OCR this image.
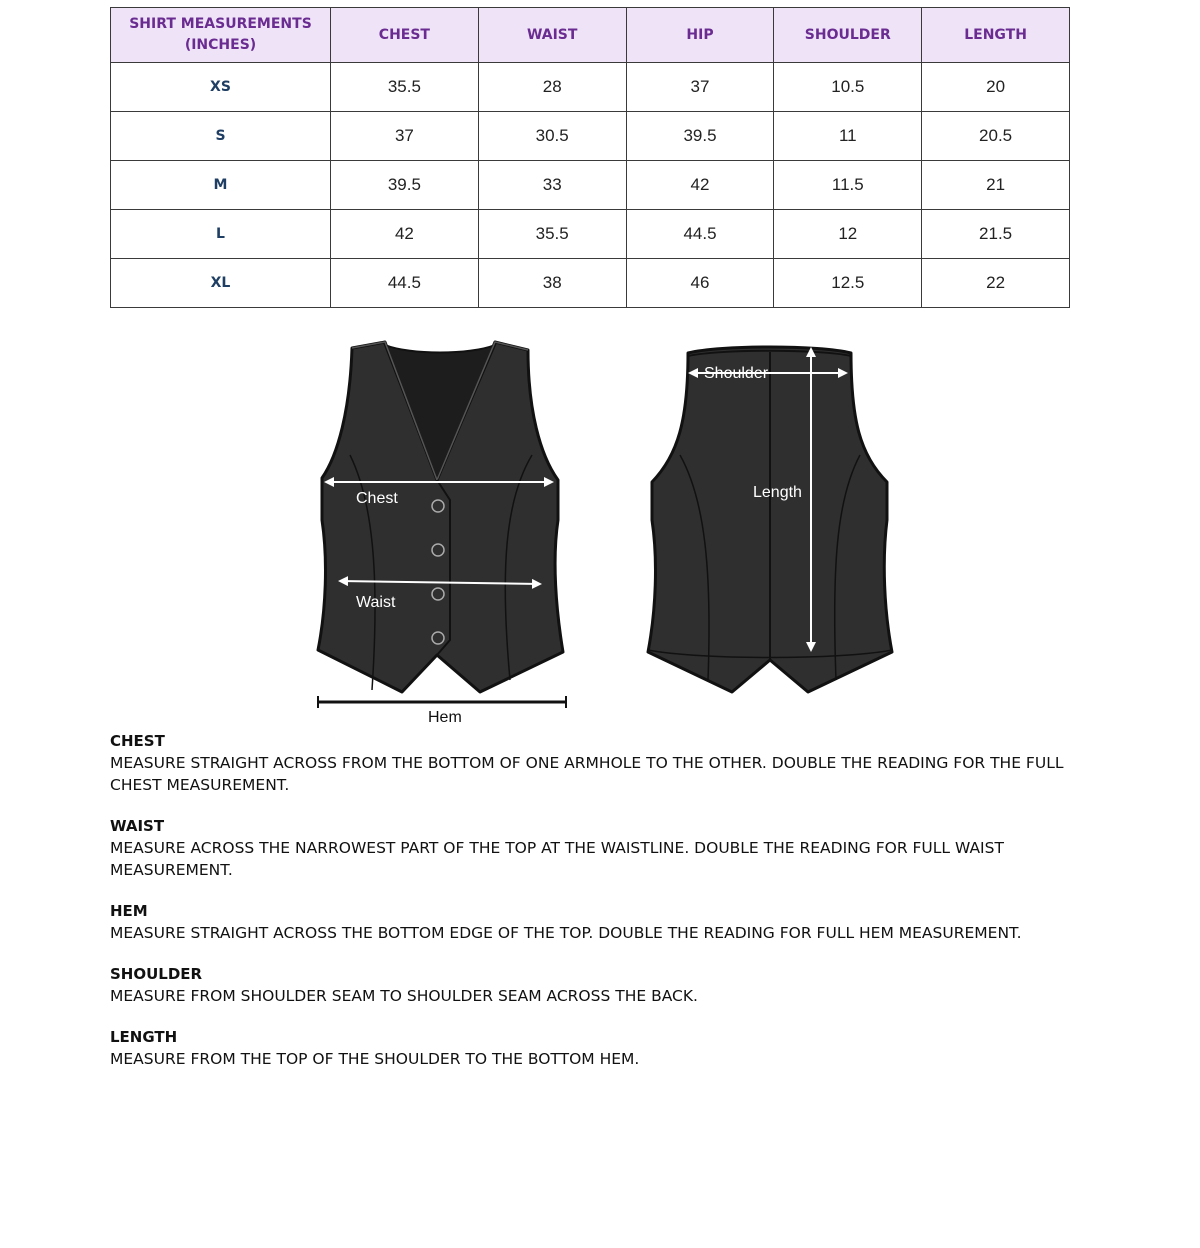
SHIRT MEASUREMENTS (INCHES)	CHEST	WAIST	HIP	SHOULDER	LENGTH
XS	35.5	28	37	10.5	20
S	37	30.5	39.5	11	20.5
M	39.5	33	42	11.5	21
L	42	35.5	44.5	12	21.5
XL	44.5	38	46	12.5	22
Chest
Waist
Hem
Shoulder
Length
CHEST

MEASURE STRAIGHT ACROSS FROM THE BOTTOM OF ONE ARMHOLE TO THE OTHER. DOUBLE THE READING FOR THE FULL CHEST MEASUREMENT.

WAIST

MEASURE ACROSS THE NARROWEST PART OF THE TOP AT THE WAISTLINE. DOUBLE THE READING FOR FULL WAIST MEASUREMENT.

HEM

MEASURE STRAIGHT ACROSS THE BOTTOM EDGE OF THE TOP. DOUBLE THE READING FOR FULL HEM MEASUREMENT.

SHOULDER

MEASURE FROM SHOULDER SEAM TO SHOULDER SEAM ACROSS THE BACK.

LENGTH

MEASURE FROM THE TOP OF THE SHOULDER TO THE BOTTOM HEM.
